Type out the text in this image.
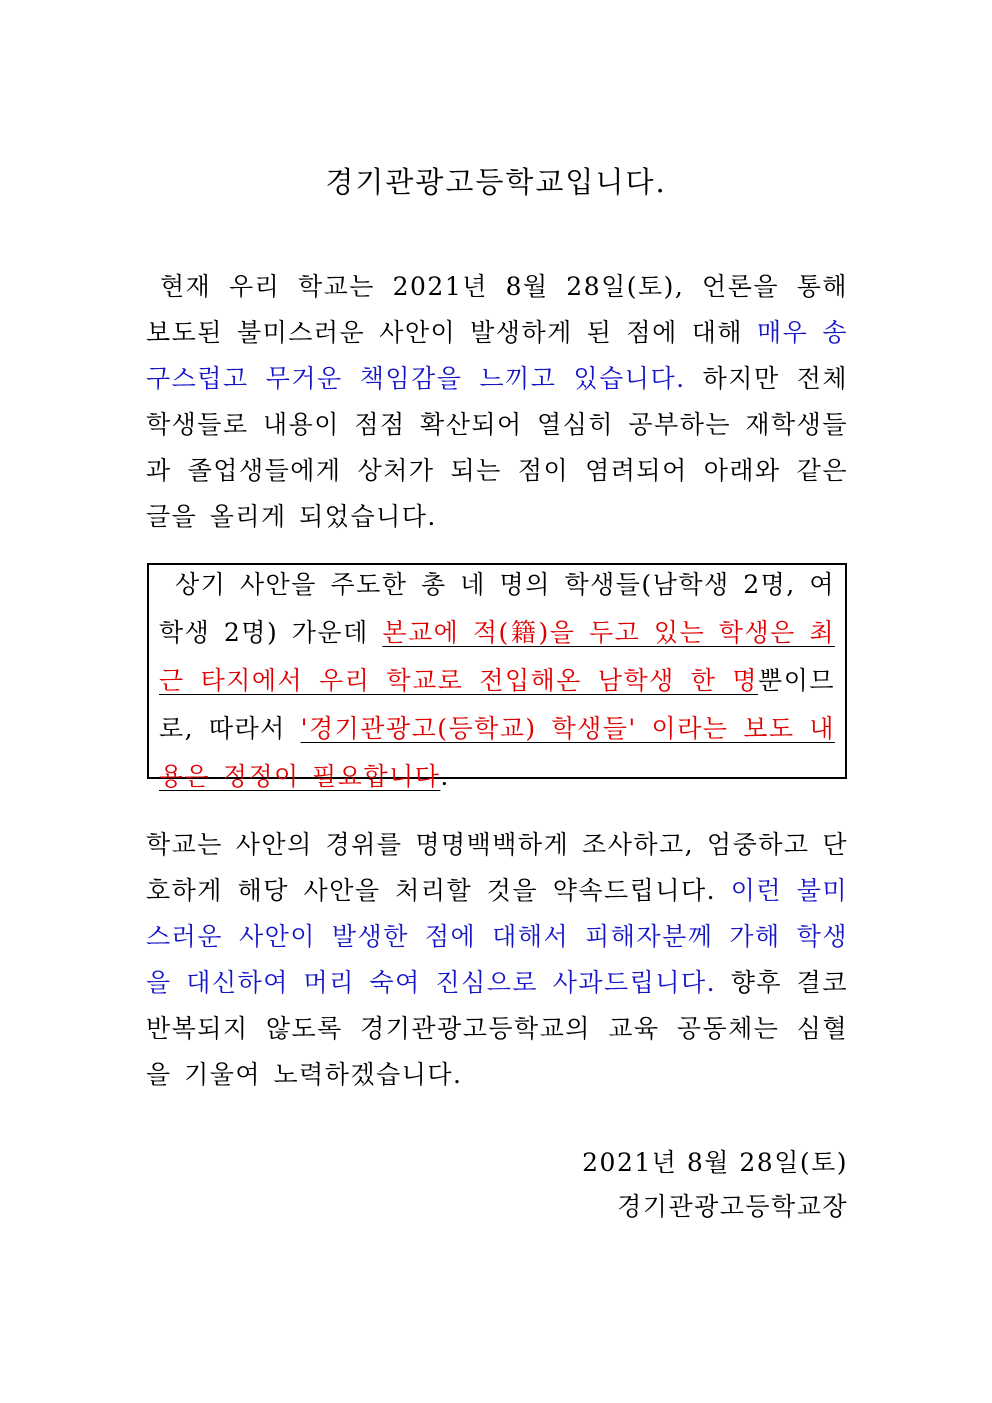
경기관광고등학교입니다.

현재 우리 학교는 2021년 8월 28일(토), 언론을 통해 보도된 불미스러운 사안이 발생하게 된 점에 대해 매우 송구스럽고 무거운 책임감을 느끼고 있습니다. 하지만 전체 학생들로 내용이 점점 확산되어 열심히 공부하는 재학생들과 졸업생들에게 상처가 되는 점이 염려되어 아래와 같은 글을 올리게 되었습니다.

상기 사안을 주도한 총 네 명의 학생들(남학생 2명, 여학생 2명) 가운데 본교에 적(籍)을 두고 있는 학생은 최근 타지에서 우리 학교로 전입해온 남학생 한 명뿐이므로, 따라서 '경기관광고(등학교) 학생들' 이라는 보도 내용은 정정이 필요합니다.

학교는 사안의 경위를 명명백백하게 조사하고, 엄중하고 단호하게 해당 사안을 처리할 것을 약속드립니다. 이런 불미스러운 사안이 발생한 점에 대해서 피해자분께 가해 학생을 대신하여 머리 숙여 진심으로 사과드립니다. 향후 결코 반복되지 않도록 경기관광고등학교의 교육 공동체는 심혈을 기울여 노력하겠습니다.

2021년 8월 28일(토)

경기관광고등학교장
